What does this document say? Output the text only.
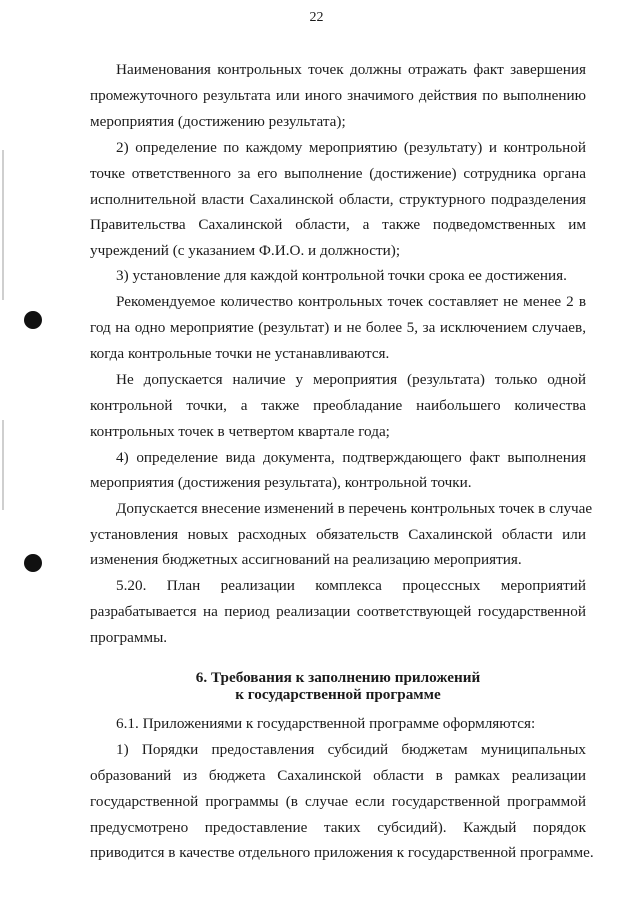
22
Наименования контрольных точек должны отражать факт завершения
промежуточного результата или иного значимого действия по выполнению
мероприятия (достижению результата);
2) определение по каждому мероприятию (результату) и контрольной
точке ответственного за его выполнение (достижение) сотрудника органа
исполнительной власти Сахалинской области, структурного подразделения
Правительства Сахалинской области, а также подведомственных им
учреждений (с указанием Ф.И.О. и должности);
3) установление для каждой контрольной точки срока ее достижения.
Рекомендуемое количество контрольных точек составляет не менее 2 в
год на одно мероприятие (результат) и не более 5, за исключением случаев,
когда контрольные точки не устанавливаются.
Не допускается наличие у мероприятия (результата) только одной
контрольной точки, а также преобладание наибольшего количества
контрольных точек в четвертом квартале года;
4) определение вида документа, подтверждающего факт выполнения
мероприятия (достижения результата), контрольной точки.
Допускается внесение изменений в перечень контрольных точек в случае
установления новых расходных обязательств Сахалинской области или
изменения бюджетных ассигнований на реализацию мероприятия.
5.20. План реализации комплекса процессных мероприятий
разрабатывается на период реализации соответствующей государственной
программы.
6. Требования к заполнению приложений
к государственной программе
6.1. Приложениями к государственной программе оформляются:
1) Порядки предоставления субсидий бюджетам муниципальных
образований из бюджета Сахалинской области в рамках реализации
государственной программы (в случае если государственной программой
предусмотрено предоставление таких субсидий). Каждый порядок
приводится в качестве отдельного приложения к государственной программе.
